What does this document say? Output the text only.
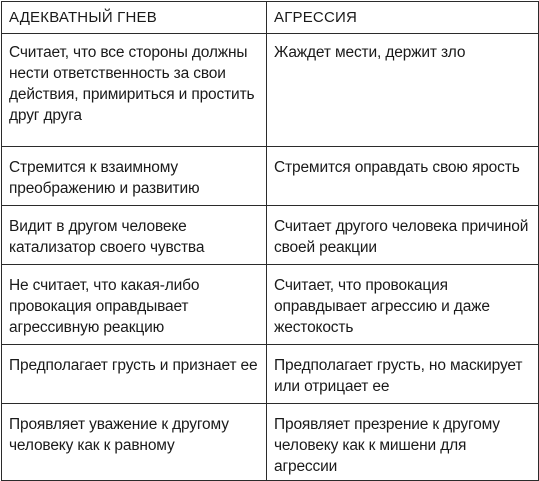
АДЕКВАТНЫЙ ГНЕВ	АГРЕССИЯ
Считает, что все стороны должны нести ответственность за свои действия, примириться и простить друг друга	Жаждет мести, держит зло
Стремится к взаимному преображению и развитию	Стремится оправдать свою ярость
Видит в другом человеке катализатор своего чувства	Считает другого человека причиной своей реакции
Не считает, что какая-либо провокация оправдывает агрессивную реакцию	Считает, что провокация оправдывает агрессию и даже жестокость
Предполагает грусть и признает ее	Предполагает грусть, но маскирует или отрицает ее
Проявляет уважение к другому человеку как к равному	Проявляет презрение к другому человеку как к мишени для агрессии
